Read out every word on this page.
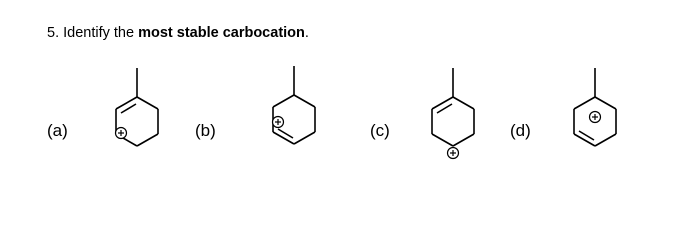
5. Identify the most stable carbocation.
(a)	(b)	(c)	(d)
